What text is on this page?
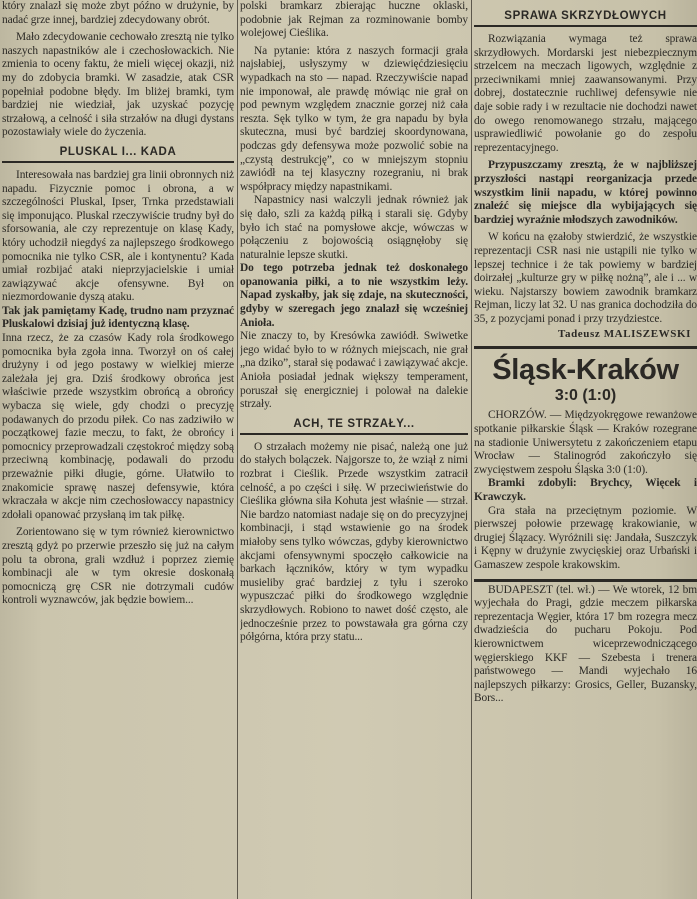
który znalazł się może zbyt późno w drużynie, by nadać grze innej, bardziej zdecydowany obrót.

Mało zdecydowanie cechowało zresztą nie tylko naszych napastników ale i czechosłowackich. Nie zmienia to oceny faktu, że mieli więcej okazji, niż my do zdobycia bramki. W zasadzie, atak CSR popełniał podobne błędy. Im bliżej bramki, tym bardziej nie wiedział, jak uzyskać pozycję strzałową, a celność i siła strzałów na długi dystans pozostawiały wiele do życzenia.

PLUSKAL I... KADA

Interesowała nas bardziej gra linii obronnych niż napadu. Fizycznie pomoc i obrona, a w szczególności Pluskal, Ipser, Trnka przedstawiali się imponująco. Pluskal rzeczywiście trudny był do sforsowania, ale czy reprezentuje on klasę Kady, który uchodził niegdyś za najlepszego środkowego pomocnika nie tylko CSR, ale i kontynentu? Kada umiał rozbijać ataki nieprzyjacielskie i umiał zawiązywać akcje ofensywne. Był on niezmordowanie dyszą ataku.

Tak jak pamiętamy Kadę, trudno nam przyznać Pluskalowi dzisiaj już identyczną klasę.

Inna rzecz, że za czasów Kady rola środkowego pomocnika była zgoła inna. Tworzył on oś całej drużyny i od jego postawy w wielkiej mierze zależała jej gra. Dziś środkowy obrońca jest właściwie przede wszystkim obrońcą a obrońcy wybacza się wiele, gdy chodzi o precyzję podawanych do przodu piłek. Co nas zadziwiło w początkowej fazie meczu, to fakt, że obrońcy i pomocnicy przeprowadzali częstokroć między sobą przeciwną kombinację, podawali do przodu przeważnie piłki długie, górne. Ułatwiło to znakomicie sprawę naszej defensywie, która wkraczała w akcje nim czechosłowaccy napastnicy zdołali opanować przysłaną im tak piłkę.

Zorientowano się w tym również kierownictwo zresztą gdyż po przerwie przeszło się już na całym polu ta obrona, grali wzdłuż i poprzez ziemię kombinacji ale w tym okresie doskonałą pomocniczą grę CSR nie dotrzymali cudów kontroli wyznawców, jak będzie bowiem...

polski bramkarz zbierając huczne oklaski, podobnie jak Rejman za rozminowanie bomby wolejowej Cieślika.

Na pytanie: która z naszych formacji grała najsłabiej, usłyszymy w dziewięćdziesięciu wypadkach na sto — napad. Rzeczywiście napad nie imponował, ale prawdę mówiąc nie grał on pod pewnym względem znacznie gorzej niż cała reszta. Sęk tylko w tym, że gra napadu by była skuteczna, musi być bardziej skoordynowana, podczas gdy defensywa może pozwolić sobie na „czystą destrukcję”, co w mniejszym stopniu zawiódł na tej klasyczny rozegraniu, ni brak współpracy między napastnikami.

Napastnicy nasi walczyli jednak również jak się dało, szli za każdą piłką i starali się. Gdyby było ich stać na pomysłowe akcje, wówczas w połączeniu z bojowością osiągnęłoby się naturalnie lepsze skutki.

Do tego potrzeba jednak też doskonałego opanowania piłki, a to nie wszystkim leży. Napad zyskałby, jak się zdaje, na skuteczności, gdyby w szeregach jego znalazł się wcześniej Anioła.

Nie znaczy to, by Kresówka zawiódł. Swiwetke jego widać było to w różnych miejscach, nie grał „na dziko”, starał się podawać i zawiązywać akcje. Anioła posiadał jednak większy temperament, poruszał się energiczniej i polował na dalekie strzały.

ACH, TE STRZAŁY...

O strzałach możemy nie pisać, należą one już do stałych bolączek. Najgorsze to, że wziął z nimi rozbrat i Cieślik. Przede wszystkim zatracił celność, a po części i siłę. W przeciwieństwie do Cieślika główna siła Kohuta jest właśnie — strzał. Nie bardzo natomiast nadaje się on do precyzyjnej kombinacji, i stąd wstawienie go na środek miałoby sens tylko wówczas, gdyby kierownictwo akcjami ofensywnymi spoczęło całkowicie na barkach łączników, który w tym wypadku musieliby grać bardziej z tyłu i szeroko wypuszczać piłki do środkowego względnie skrzydłowych. Robiono to nawet dość często, ale jednocześnie przez to powstawała gra górna czy półgórna, która przy statu...

SPRAWA SKRZYDŁOWYCH

Rozwiązania wymaga też sprawa skrzydłowych. Mordarski jest niebezpiecznym strzelcem na meczach ligowych, względnie z przeciwnikami mniej zaawansowanymi. Przy dobrej, dostatecznie ruchliwej defensywie nie daje sobie rady i w rezultacie nie dochodzi nawet do owego renomowanego strzału, mającego usprawiedliwić powołanie go do zespołu reprezentacyjnego.

Przypuszczamy zresztą, że w najbliższej przyszłości nastąpi reorganizacja przede wszystkim linii napadu, w której powinno znaleźć się miejsce dla wybijających się bardziej wyraźnie młodszych zawodników.

W końcu na ęzałoby stwierdzić, że wszystkie reprezentacji CSR nasi nie ustąpili nie tylko w lepszej technice i że tak powiemy w bardziej doirzałej „kulturze gry w piłkę nożną”, ale i ... w wieku. Najstarszy bowiem zawodnik bramkarz Rejman, liczy lat 32. U nas granica dochodziła do 35, z pozycjami ponad i przy trzydziestce.

Tadeusz MALISZEWSKI
Śląsk-Kraków
3:0 (1:0)

CHORZÓW. — Międzyokręgowe rewanżowe spotkanie piłkarskie Śląsk — Kraków rozegrane na stadionie Uniwersytetu z zakończeniem etapu Wrocław — Stalinogród zakończyło się zwycięstwem zespołu Śląska 3:0 (1:0).

Bramki zdobyli: Brychcy, Więcek i Krawczyk.

Gra stała na przeciętnym poziomie. W pierwszej połowie przewagę krakowianie, w drugiej Ślązacy. Wyróżnili się: Jandała, Suszczyk i Kępny w drużynie zwycięskiej oraz Urbański i Gamaszew zespole krakowskim.

BUDAPESZT (tel. wł.) — We wtorek, 12 bm wyjechała do Pragi, gdzie meczem piłkarska reprezentacja Węgier, która 17 bm rozegra mecz dwadzieścia do pucharu Pokoju. Pod kierownictwem wiceprzewodniczącego węgierskiego KKF — Szebesta i trenera państwowego — Mandi wyjechało 16 najlepszych piłkarzy: Grosics, Geller, Buzansky, Bors...
